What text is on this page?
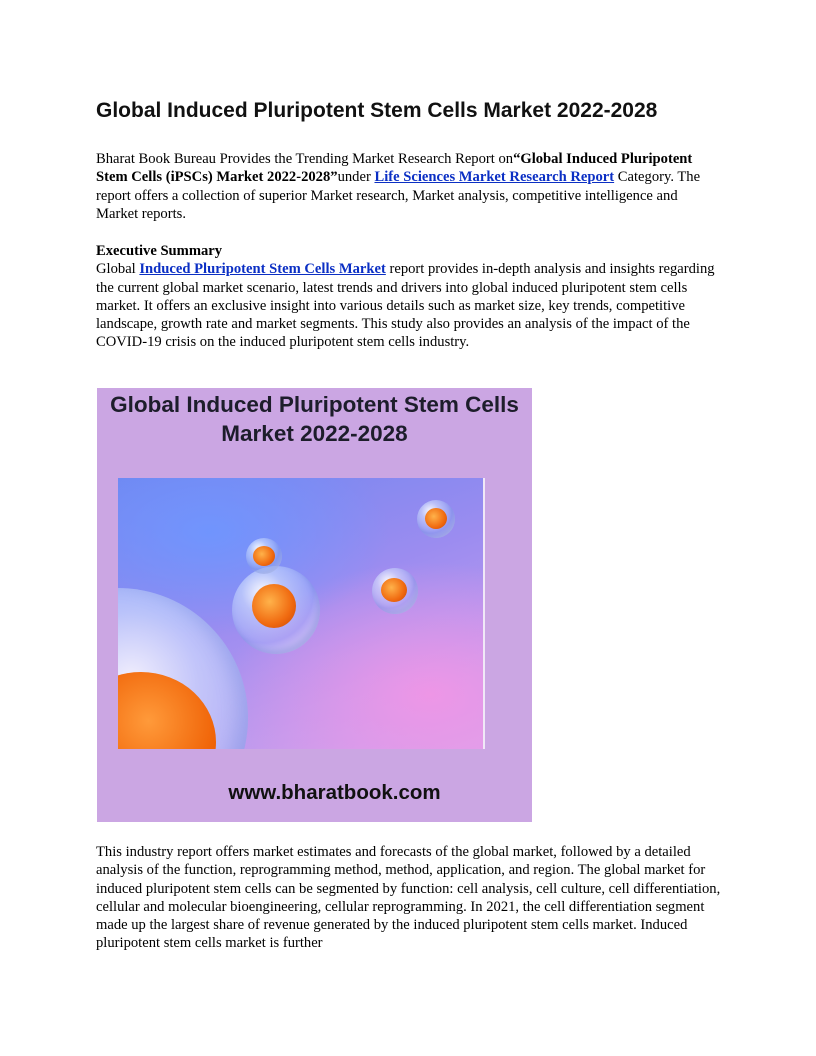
Global Induced Pluripotent Stem Cells Market 2022-2028

Bharat Book Bureau Provides the Trending Market Research Report on“Global Induced Pluripotent Stem Cells (iPSCs) Market 2022-2028”under Life Sciences Market Research Report Category. The report offers a collection of superior Market research, Market analysis, competitive intelligence and Market reports.

Executive Summary
Global Induced Pluripotent Stem Cells Market report provides in-depth analysis and insights regarding the current global market scenario, latest trends and drivers into global induced pluripotent stem cells market. It offers an exclusive insight into various details such as market size, key trends, competitive landscape, growth rate and market segments. This study also provides an analysis of the impact of the COVID-19 crisis on the induced pluripotent stem cells industry.

Global Induced Pluripotent Stem Cells
Market 2022-2028
www.bharatbook.com

This industry report offers market estimates and forecasts of the global market, followed by a detailed analysis of the function, reprogramming method, method, application, and region. The global market for induced pluripotent stem cells can be segmented by function: cell analysis, cell culture, cell differentiation, cellular and molecular bioengineering, cellular reprogramming. In 2021, the cell differentiation segment made up the largest share of revenue generated by the induced pluripotent stem cells market. Induced pluripotent stem cells market is further
